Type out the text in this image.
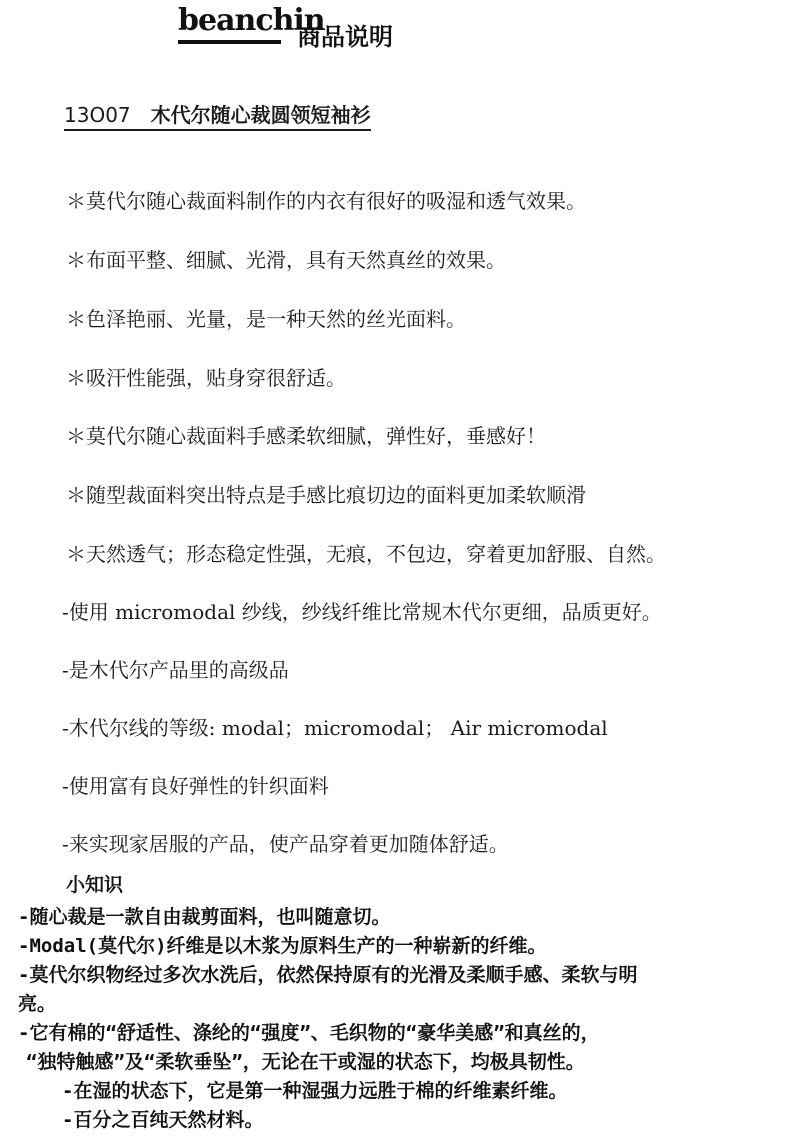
beanchin
商品说明
13O07 木代尔随心裁圆领短袖衫
＊莫代尔随心裁面料制作的内衣有很好的吸湿和透气效果。
＊布面平整、细腻、光滑，具有天然真丝的效果。
＊色泽艳丽、光量，是一种天然的丝光面料。
＊吸汗性能强，贴身穿很舒适。
＊莫代尔随心裁面料手感柔软细腻，弹性好，垂感好！
＊随型裁面料突出特点是手感比痕切边的面料更加柔软顺滑
＊天然透气；形态稳定性强，无痕，不包边，穿着更加舒服、自然。
-使用 micromodal 纱线，纱线纤维比常规木代尔更细，品质更好。
-是木代尔产品里的高级品
-木代尔线的等级: modal；micromodal； Air micromodal
-使用富有良好弹性的针织面料
-来实现家居服的产品，使产品穿着更加随体舒适。
小知识
-随心裁是一款自由裁剪面料，也叫随意切。
-Modal(莫代尔)纤维是以木浆为原料生产的一种崭新的纤维。
-莫代尔织物经过多次水洗后，依然保持原有的光滑及柔顺手感、柔软与明
亮。
-它有棉的“舒适性、涤纶的“强度”、毛织物的“豪华美感”和真丝的，
“独特触感”及“柔软垂坠”，无论在干或湿的状态下，均极具韧性。
-在湿的状态下，它是第一种湿强力远胜于棉的纤维素纤维。
-百分之百纯天然材料。
